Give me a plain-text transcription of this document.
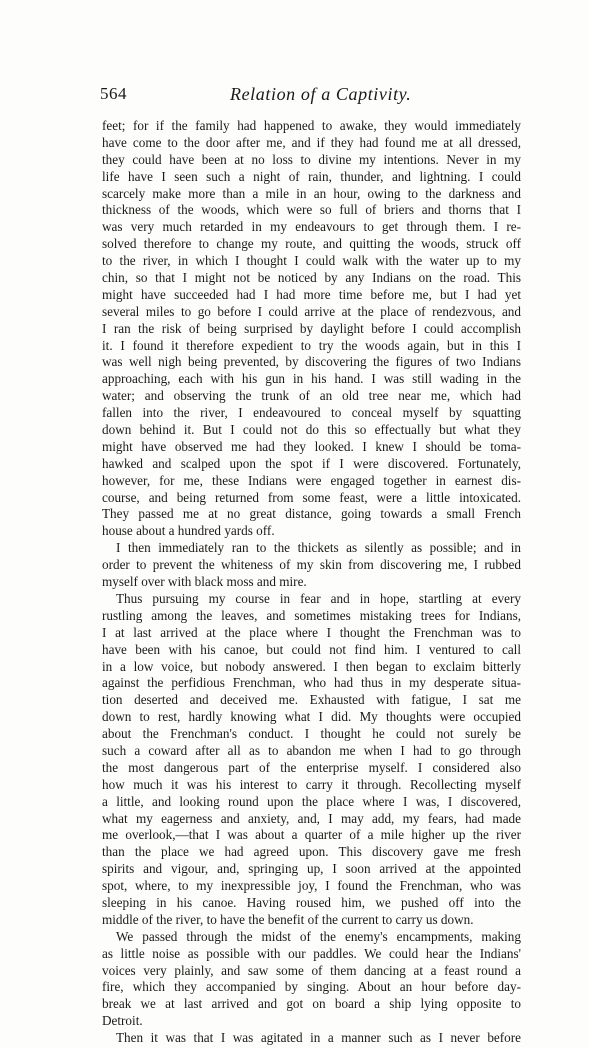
564	Relation of a Captivity.
feet; for if the family had happened to awake, they would immediately
have come to the door after me, and if they had found me at all dressed,
they could have been at no loss to divine my intentions. Never in my
life have I seen such a night of rain, thunder, and lightning. I could
scarcely make more than a mile in an hour, owing to the darkness and
thickness of the woods, which were so full of briers and thorns that I
was very much retarded in my endeavours to get through them. I re-
solved therefore to change my route, and quitting the woods, struck off
to the river, in which I thought I could walk with the water up to my
chin, so that I might not be noticed by any Indians on the road. This
might have succeeded had I had more time before me, but I had yet
several miles to go before I could arrive at the place of rendezvous, and
I ran the risk of being surprised by daylight before I could accomplish
it. I found it therefore expedient to try the woods again, but in this I
was well nigh being prevented, by discovering the figures of two Indians
approaching, each with his gun in his hand. I was still wading in the
water; and observing the trunk of an old tree near me, which had
fallen into the river, I endeavoured to conceal myself by squatting
down behind it. But I could not do this so effectually but what they
might have observed me had they looked. I knew I should be toma-
hawked and scalped upon the spot if I were discovered. Fortunately,
however, for me, these Indians were engaged together in earnest dis-
course, and being returned from some feast, were a little intoxicated.
They passed me at no great distance, going towards a small French
house about a hundred yards off.
I then immediately ran to the thickets as silently as possible; and in
order to prevent the whiteness of my skin from discovering me, I rubbed
myself over with black moss and mire.
Thus pursuing my course in fear and in hope, startling at every
rustling among the leaves, and sometimes mistaking trees for Indians,
I at last arrived at the place where I thought the Frenchman was to
have been with his canoe, but could not find him. I ventured to call
in a low voice, but nobody answered. I then began to exclaim bitterly
against the perfidious Frenchman, who had thus in my desperate situa-
tion deserted and deceived me. Exhausted with fatigue, I sat me
down to rest, hardly knowing what I did. My thoughts were occupied
about the Frenchman's conduct. I thought he could not surely be
such a coward after all as to abandon me when I had to go through
the most dangerous part of the enterprise myself. I considered also
how much it was his interest to carry it through. Recollecting myself
a little, and looking round upon the place where I was, I discovered,
what my eagerness and anxiety, and, I may add, my fears, had made
me overlook,—that I was about a quarter of a mile higher up the river
than the place we had agreed upon. This discovery gave me fresh
spirits and vigour, and, springing up, I soon arrived at the appointed
spot, where, to my inexpressible joy, I found the Frenchman, who was
sleeping in his canoe. Having roused him, we pushed off into the
middle of the river, to have the benefit of the current to carry us down.
We passed through the midst of the enemy's encampments, making
as little noise as possible with our paddles. We could hear the Indians'
voices very plainly, and saw some of them dancing at a feast round a
fire, which they accompanied by singing. About an hour before day-
break we at last arrived and got on board a ship lying opposite to
Detroit.
Then it was that I was agitated in a manner such as I never before
